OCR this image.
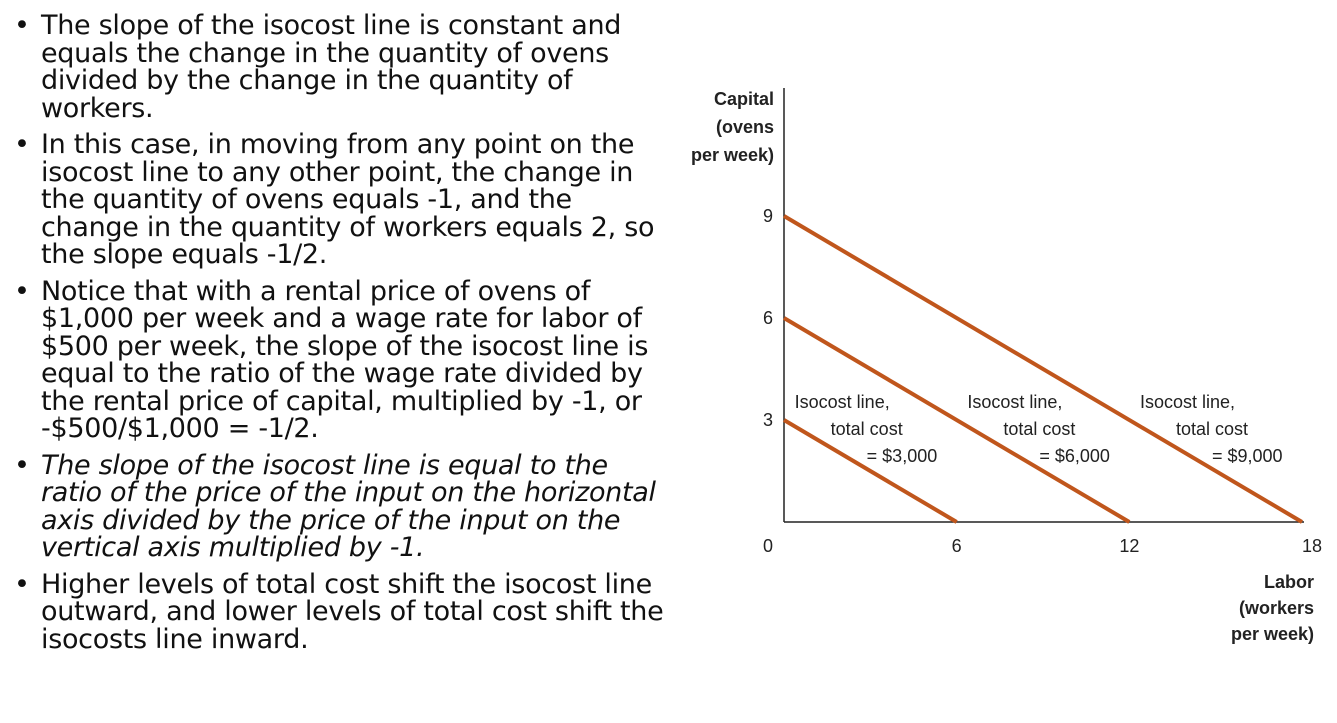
• The slope of the isocost line is constant and equals the change in the quantity of ovens divided by the change in the quantity of workers.
• In this case, in moving from any point on the isocost line to any other point, the change in the quantity of ovens equals -1, and the change in the quantity of workers equals 2, so the slope equals -1/2.
• Notice that with a rental price of ovens of $1,000 per week and a wage rate for labor of $500 per week, the slope of the isocost line is equal to the ratio of the wage rate divided by the rental price of capital, multiplied by -1, or -$500/$1,000 = -1/2.
• The slope of the isocost line is equal to the ratio of the price of the input on the horizontal axis divided by the price of the input on the vertical axis multiplied by -1.
• Higher levels of total cost shift the isocost line outward, and lower levels of total cost shift the isocosts line inward.
Capital
(ovens
per week)
Labor
(workers
per week)
0	6	12	18
3
6
9
Isocost line,
total cost
= $3,000
Isocost line,
total cost
= $6,000
Isocost line,
total cost
= $9,000
